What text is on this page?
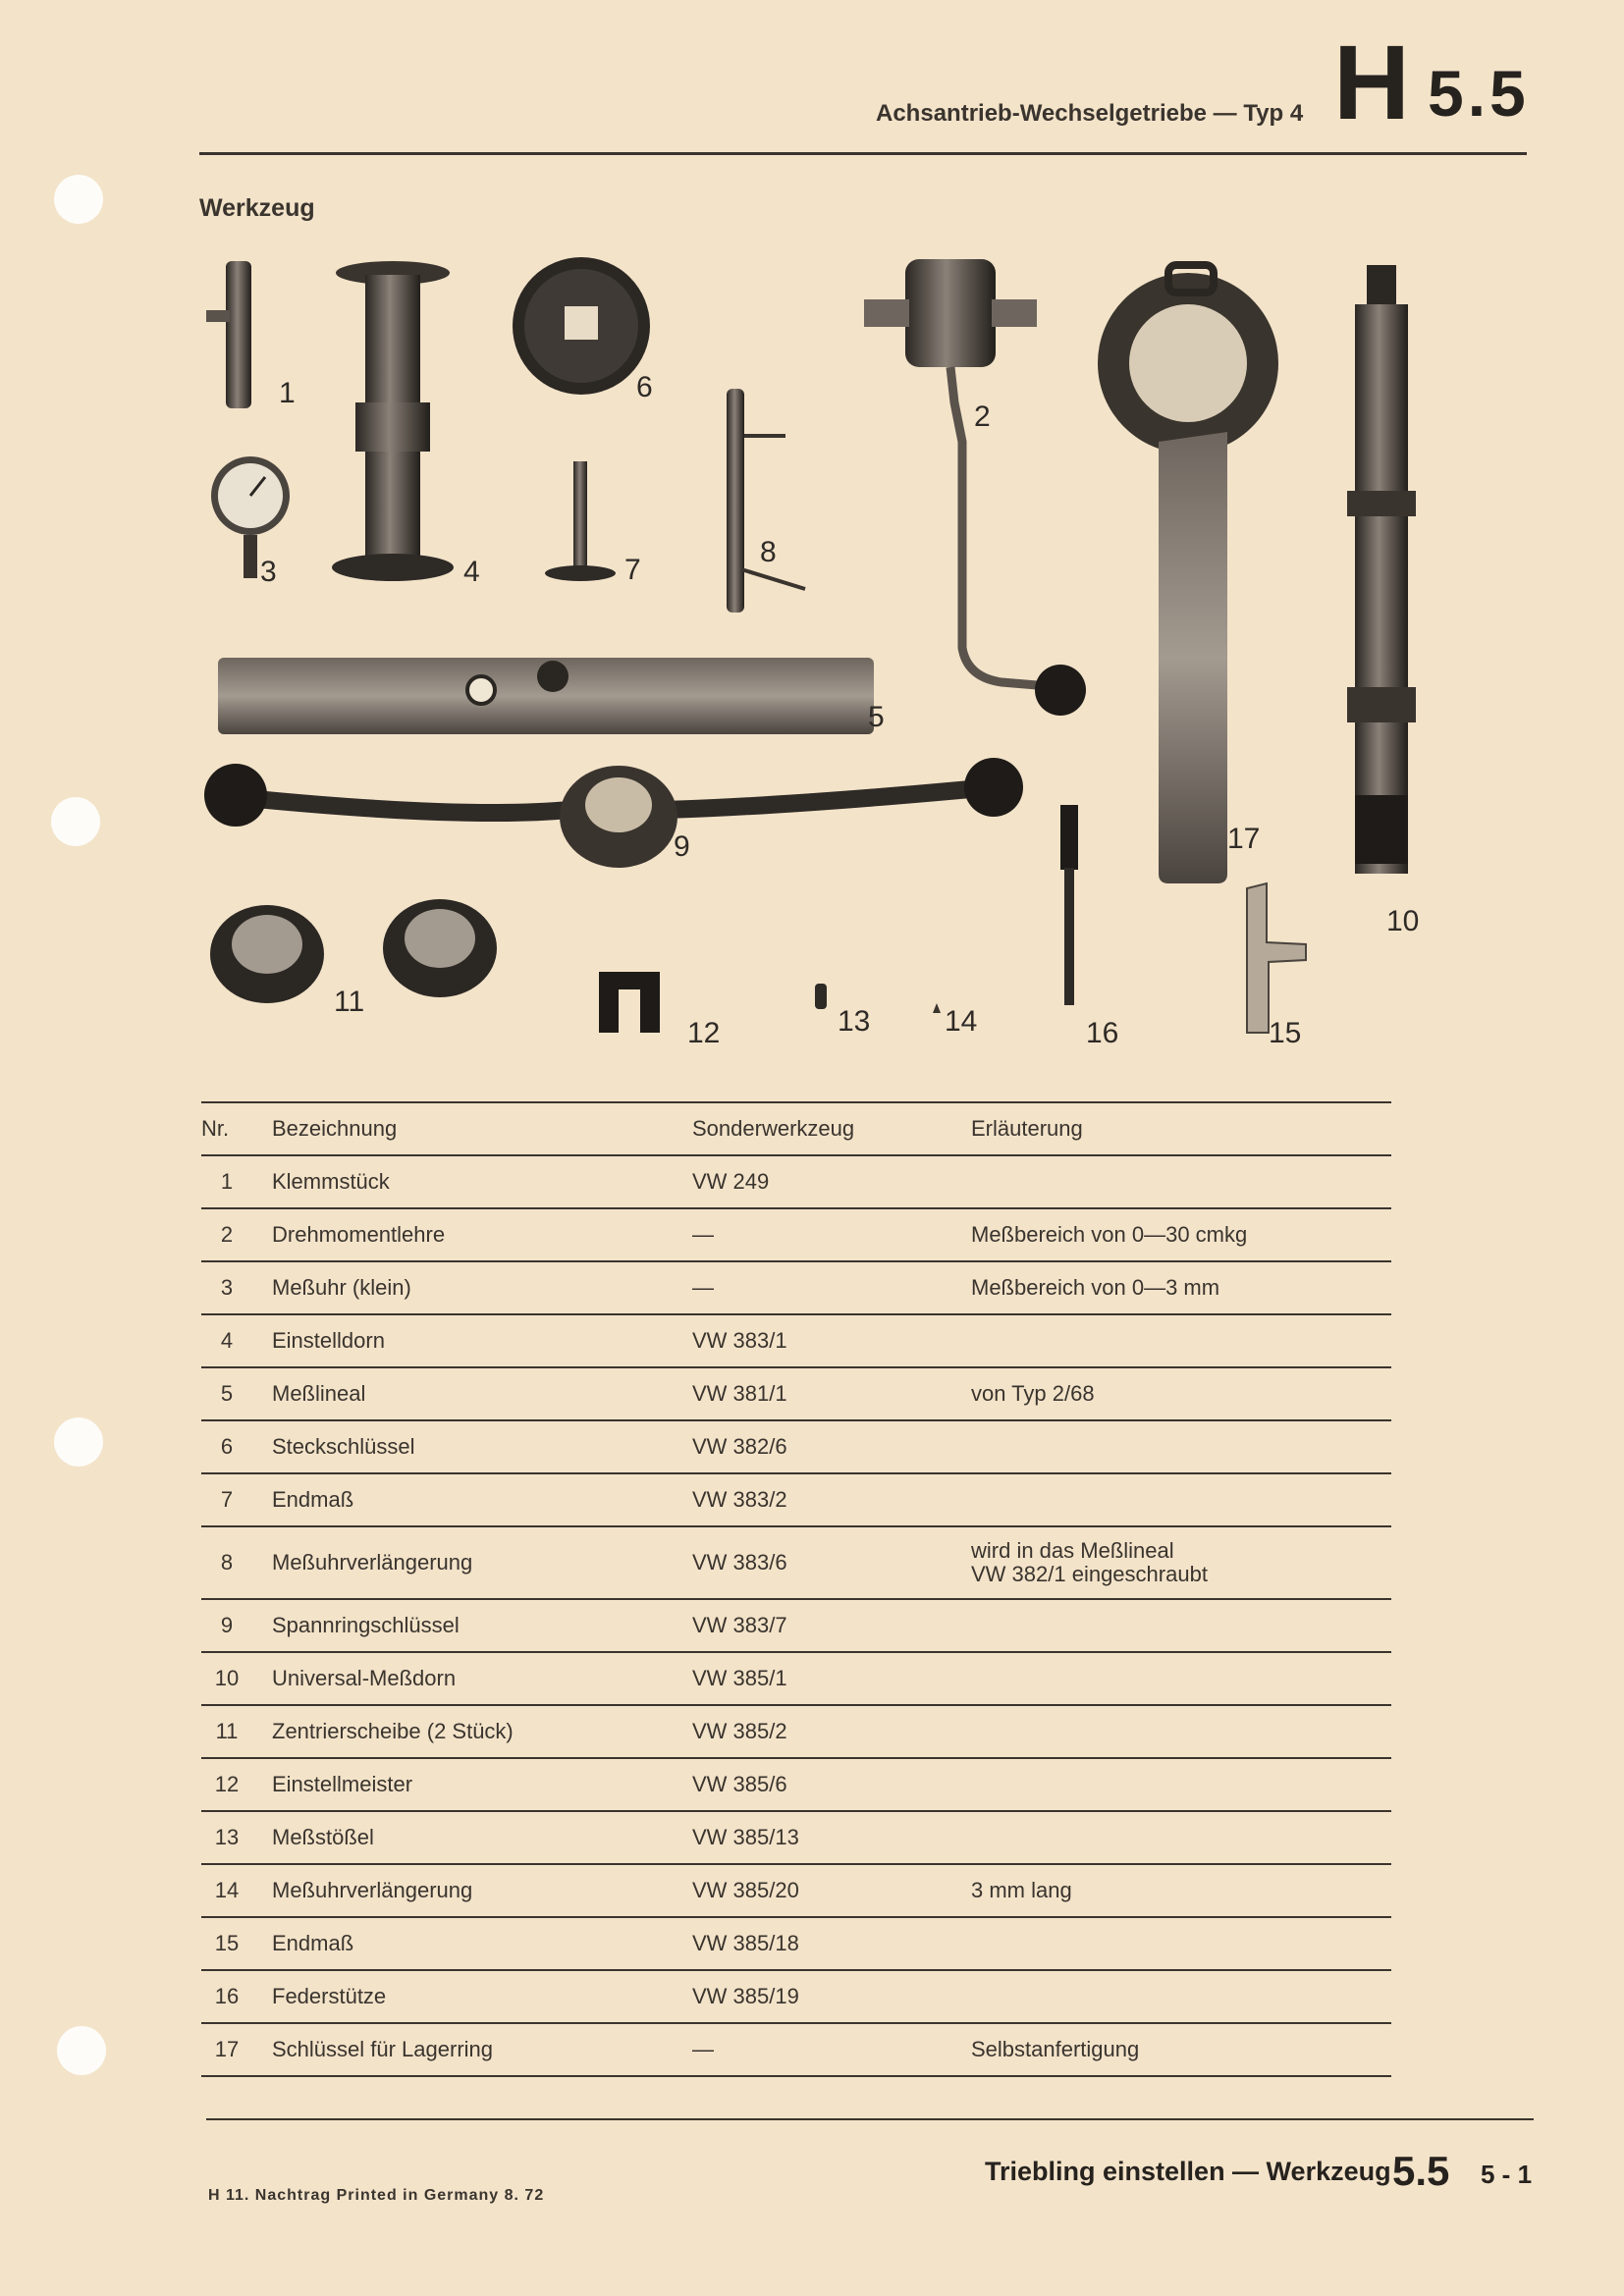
Achsantrieb-Wechselgetriebe — Typ 4 H 5.5
Werkzeug
1
2
3	4
5
6
7
8
9
10
11
12	13	14	15
16
17
Nr.	Bezeichnung	Sonderwerkzeug	Erläuterung
1	Klemmstück	VW 249	
2	Drehmomentlehre	—	Meßbereich von 0—30 cmkg
3	Meßuhr (klein)	—	Meßbereich von 0—3 mm
4	Einstelldorn	VW 383/1	
5	Meßlineal	VW 381/1	von Typ 2/68
6	Steckschlüssel	VW 382/6	
7	Endmaß	VW 383/2	
8	Meßuhrverlängerung	VW 383/6	wird in das Meßlineal
VW 382/1 eingeschraubt
9	Spannringschlüssel	VW 383/7	
10	Universal-Meßdorn	VW 385/1	
11	Zentrierscheibe (2 Stück)	VW 385/2	
12	Einstellmeister	VW 385/6	
13	Meßstößel	VW 385/13	
14	Meßuhrverlängerung	VW 385/20	3 mm lang
15	Endmaß	VW 385/18	
16	Federstütze	VW 385/19	
17	Schlüssel für Lagerring	—	Selbstanfertigung
H 11. Nachtrag Printed in Germany 8. 72
Triebling einstellen — Werkzeug 5.5 5 - 1
